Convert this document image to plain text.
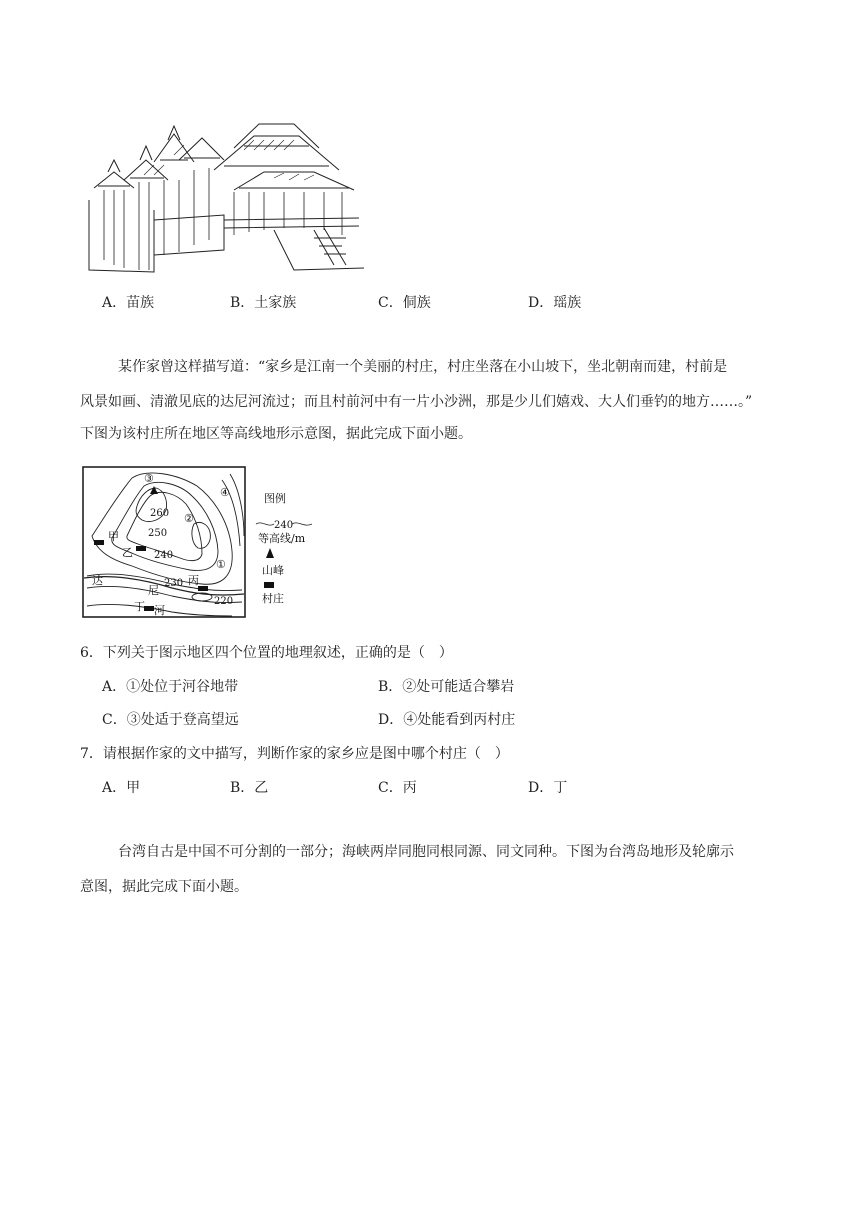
A．苗族	B．土家族	C．侗族	D．瑶族

某作家曾这样描写道：“家乡是江南一个美丽的村庄，村庄坐落在小山坡下，坐北朝南而建，村前是

风景如画、清澈见底的达尼河流过；而且村前河中有一片小沙洲，那是少儿们嬉戏、大人们垂钓的地方……。”

下图为该村庄所在地区等高线地形示意图，据此完成下面小题。

③
②
④
①
260
250
240
230
220
甲
乙
丙
丁
达
尼
河
图例
240
等高线/m
山峰
村庄
6．下列关于图示地区四个位置的地理叙述，正确的是（　）
A．①处位于河谷地带	B．②处可能适合攀岩
C．③处适于登高望远	D．④处能看到丙村庄
7．请根据作家的文中描写，判断作家的家乡应是图中哪个村庄（　）
A．甲	B．乙	C．丙	D．丁

台湾自古是中国不可分割的一部分；海峡两岸同胞同根同源、同文同种。下图为台湾岛地形及轮廓示

意图，据此完成下面小题。
